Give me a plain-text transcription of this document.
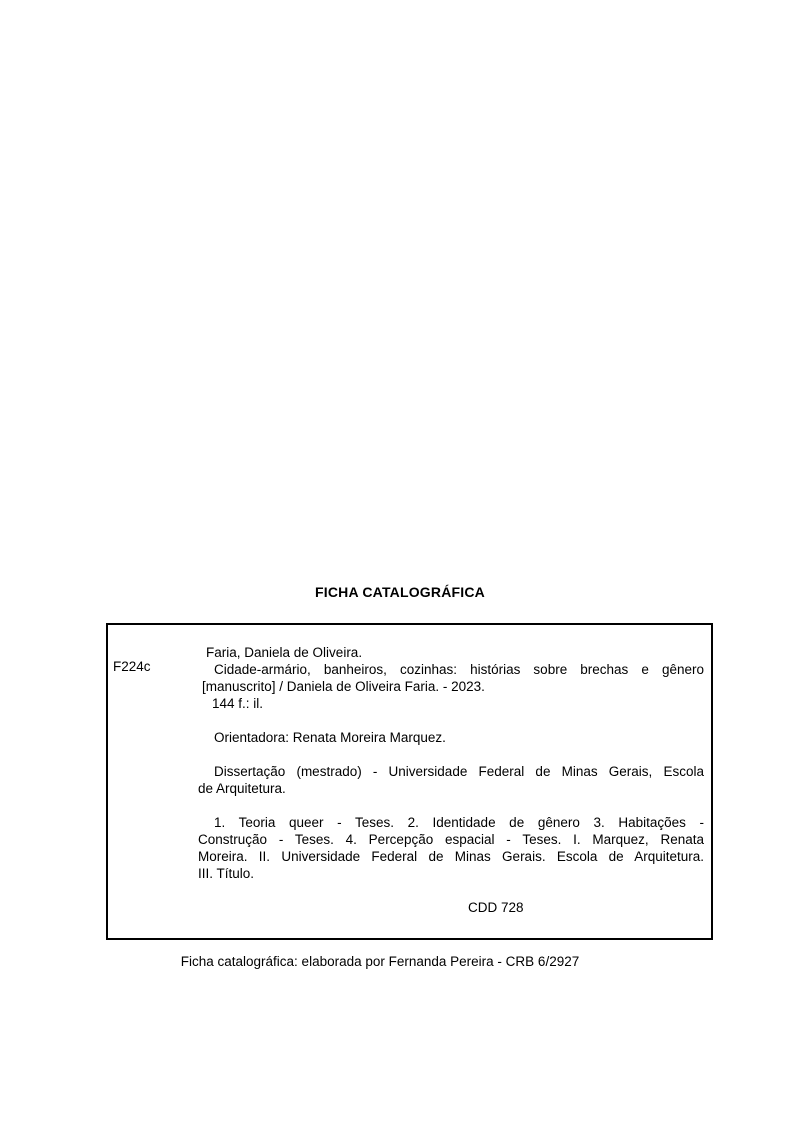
FICHA CATALOGRÁFICA
F224c
Faria, Daniela de Oliveira.
Cidade-armário, banheiros, cozinhas: histórias sobre brechas e gênero
[manuscrito] / Daniela de Oliveira Faria. - 2023.
144 f.: il.
Orientadora: Renata Moreira Marquez.
Dissertação (mestrado) - Universidade Federal de Minas Gerais, Escola
de Arquitetura.
1. Teoria queer - Teses. 2. Identidade de gênero 3. Habitações -
Construção - Teses. 4. Percepção espacial - Teses. I. Marquez, Renata
Moreira. II. Universidade Federal de Minas Gerais. Escola de Arquitetura.
III. Título.
CDD 728
Ficha catalográfica: elaborada por Fernanda Pereira - CRB 6/2927
